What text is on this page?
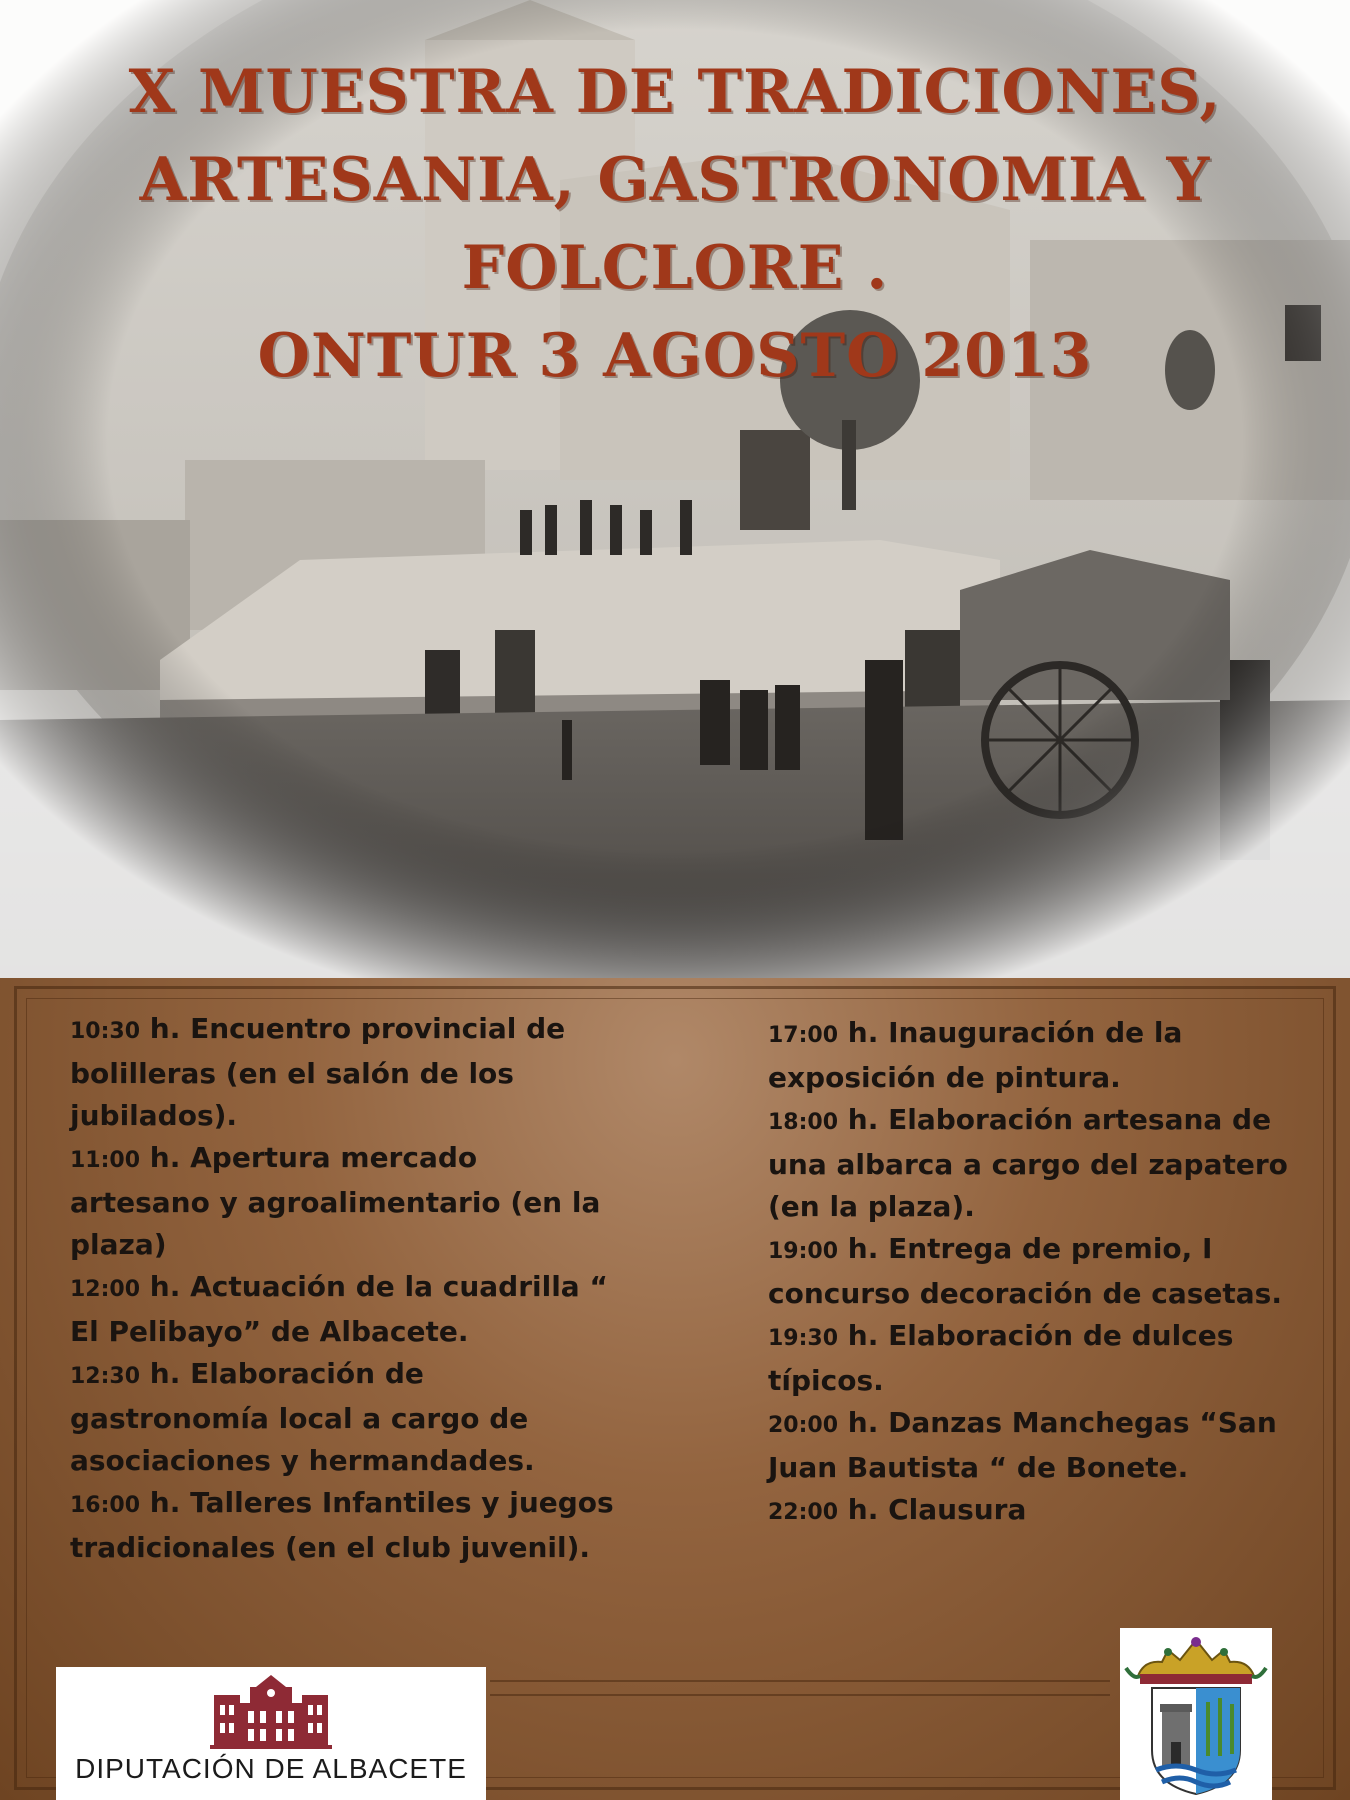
X MUESTRA DE TRADICIONES,
ARTESANIA, GASTRONOMIA Y
FOLCLORE .
ONTUR 3 AGOSTO 2013
10:30 h. Encuentro provincial de bolilleras (en el salón de los jubilados).
11:00 h. Apertura mercado artesano y agroalimentario (en la plaza)
12:00 h. Actuación de la cuadrilla “ El Pelibayo” de Albacete.
12:30 h. Elaboración de gastronomía local a cargo de asociaciones y hermandades.
16:00 h. Talleres Infantiles y juegos tradicionales (en el club juvenil).
17:00 h. Inauguración de la exposición de pintura.
18:00 h. Elaboración artesana de una albarca a cargo del zapatero (en la plaza).
19:00 h. Entrega de premio, I concurso decoración de casetas.
19:30 h. Elaboración de dulces típicos.
20:00 h. Danzas Manchegas “San Juan Bautista “ de Bonete.
22:00 h. Clausura
DIPUTACIÓN DE ALBACETE
